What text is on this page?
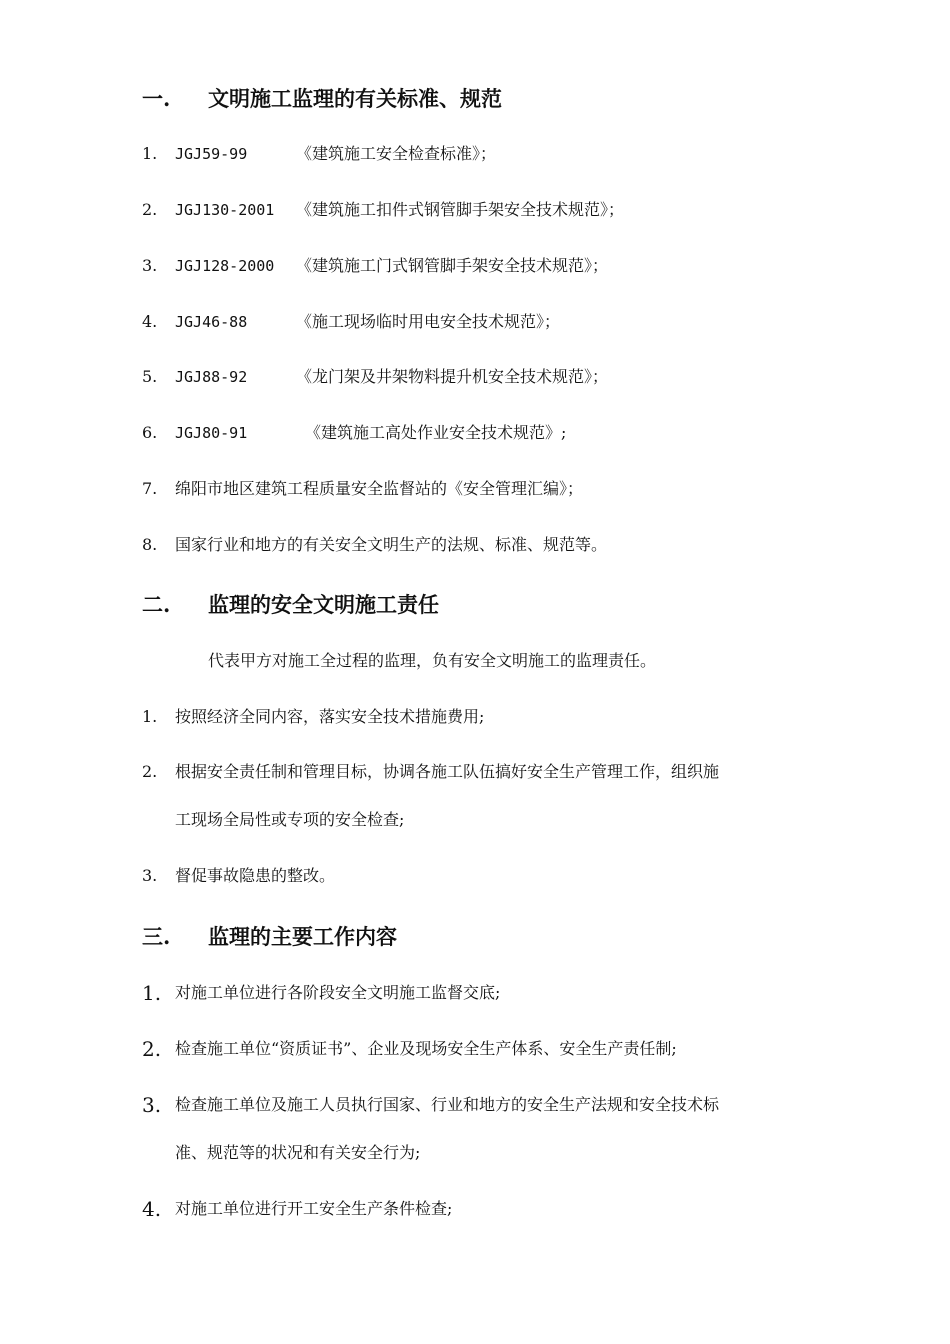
一. 文明施工监理的有关标准、规范
1. JGJ59-99	《建筑施工安全检查标准》；
2. JGJ130-2001 《建筑施工扣件式钢管脚手架安全技术规范》；
3. JGJ128-2000 《建筑施工门式钢管脚手架安全技术规范》；
4. JGJ46-88	《施工现场临时用电安全技术规范》；
5. JGJ88-92	《龙门架及井架物料提升机安全技术规范》；
6. JGJ80-91	《建筑施工高处作业安全技术规范》;
7. 绵阳市地区建筑工程质量安全监督站的《安全管理汇编》；
8. 国家行业和地方的有关安全文明生产的法规、标准、规范等。
二. 监理的安全文明施工责任
代表甲方对施工全过程的监理，负有安全文明施工的监理责任。
1. 按照经济全同内容，落实安全技术措施费用;
2. 根据安全责任制和管理目标，协调各施工队伍搞好安全生产管理工作，组织施
工现场全局性或专项的安全检查;
3. 督促事故隐患的整改。
三. 监理的主要工作内容
1. 对施工单位进行各阶段安全文明施工监督交底;
2. 检查施工单位“资质证书”、企业及现场安全生产体系、安全生产责任制;
3. 检查施工单位及施工人员执行国家、行业和地方的安全生产法规和安全技术标
准、规范等的状况和有关安全行为;
4. 对施工单位进行开工安全生产条件检查;
